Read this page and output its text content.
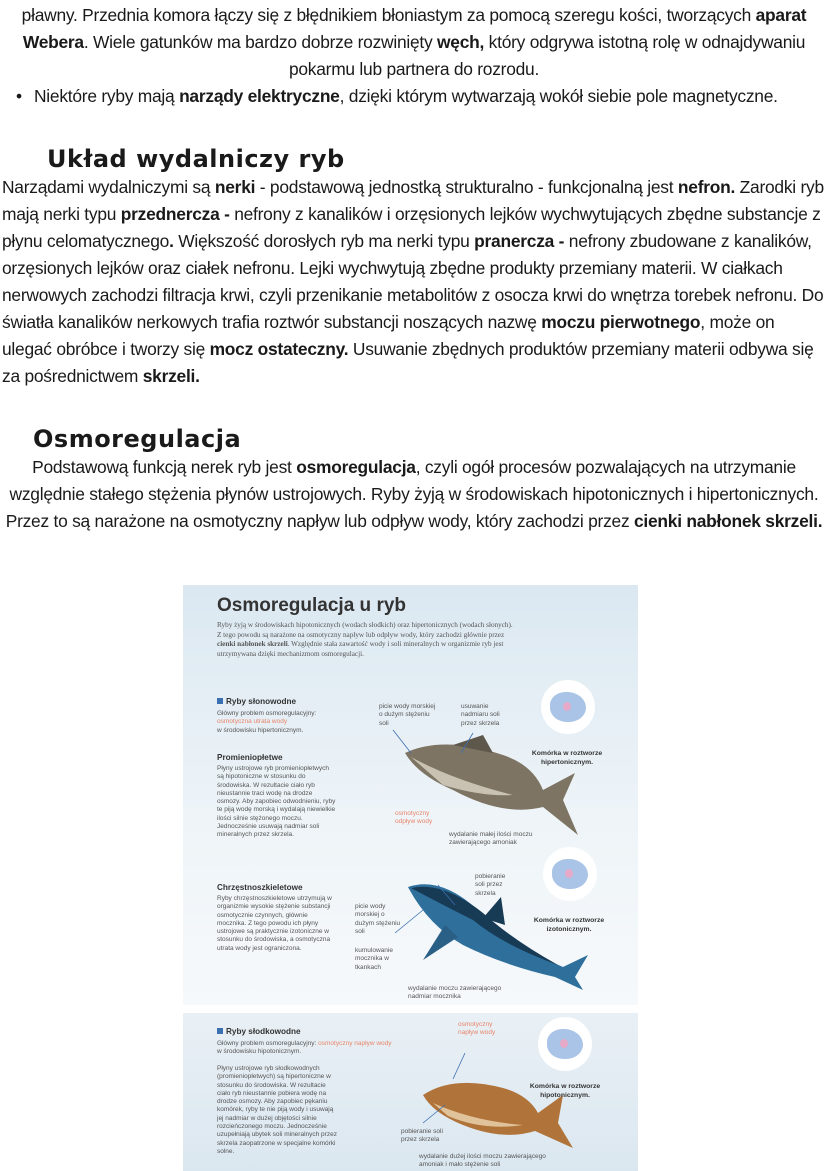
pławny. Przednia komora łączy się z błędnikiem błoniastym za pomocą szeregu kości, tworzących aparat Webera. Wiele gatunków ma bardzo dobrze rozwinięty węch, który odgrywa istotną rolę w odnajdywaniu pokarmu lub partnera do rozrodu.
• Niektóre ryby mają narządy elektryczne, dzięki którym wytwarzają wokół siebie pole magnetyczne.
Układ wydalniczy ryb
Narządami wydalniczymi są nerki - podstawową jednostką strukturalno - funkcjonalną jest nefron. Zarodki ryb mają nerki typu przednercza - nefrony z kanalików i orzęsionych lejków wychwytujących zbędne substancje z płynu celomatycznego. Większość dorosłych ryb ma nerki typu pranercza - nefrony zbudowane z kanalików, orzęsionych lejków oraz ciałek nefronu. Lejki wychwytują zbędne produkty przemiany materii. W ciałkach nerwowych zachodzi filtracja krwi, czyli przenikanie metabolitów z osocza krwi do wnętrza torebek nefronu. Do światła kanalików nerkowych trafia roztwór substancji noszących nazwę moczu pierwotnego, może on ulegać obróbce i tworzy się mocz ostateczny. Usuwanie zbędnych produktów przemiany materii odbywa się za pośrednictwem skrzeli.
Osmoregulacja
Podstawową funkcją nerek ryb jest osmoregulacja, czyli ogół procesów pozwalających na utrzymanie względnie stałego stężenia płynów ustrojowych. Ryby żyją w środowiskach hipotonicznych i hipertonicznych. Przez to są narażone na osmotyczny napływ lub odpływ wody, który zachodzi przez cienki nabłonek skrzeli.
Osmoregulacja u ryb
Ryby żyją w środowiskach hipotonicznych (wodach słodkich) oraz hipertonicznych (wodach słonych). Z tego powodu są narażone na osmotyczny napływ lub odpływ wody, który zachodzi głównie przez cienki nabłonek skrzeli. Względnie stała zawartość wody i soli mineralnych w organizmie ryb jest utrzymywana dzięki mechanizmom osmoregulacji.
Ryby słonowodne
Główny problem osmoregulacyjny:
osmotyczna utrata wody
w środowisku hipertonicznym.
Promieniopłetwe
Płyny ustrojowe ryb promieniopłetwych są hipotoniczne w stosunku do środowiska. W rezultacie ciało ryb nieustannie traci wodę na drodze osmozy. Aby zapobiec odwodnieniu, ryby te piją wodę morską i wydalają niewielkie ilości silnie stężonego moczu. Jednocześnie usuwają nadmiar soli mineralnych przez skrzela.
picie wody morskiej o dużym stężeniu soli
usuwanie nadmiaru soli przez skrzela
osmotyczny odpływ wody
wydalanie małej ilości moczu zawierającego amoniak
Komórka w roztworze hipertonicznym.
Chrzęstnoszkieletowe
Ryby chrzęstnoszkieletowe utrzymują w organizmie wysokie stężenie substancji osmotycznie czynnych, głównie mocznika. Z tego powodu ich płyny ustrojowe są praktycznie izotoniczne w stosunku do środowiska, a osmotyczna utrata wody jest ograniczona.
picie wody morskiej o dużym stężeniu soli
pobieranie soli przez skrzela
kumulowanie mocznika w tkankach
wydalanie moczu zawierającego nadmiar mocznika
Komórka w roztworze izotonicznym.
Ryby słodkowodne
Główny problem osmoregulacyjny: osmotyczny napływ wody w środowisku hipotonicznym.
Płyny ustrojowe ryb słodkowodnych (promieniopłetwych) są hipertoniczne w stosunku do środowiska. W rezultacie ciało ryb nieustannie pobiera wodę na drodze osmozy. Aby zapobiec pękaniu komórek, ryby te nie piją wody i usuwają jej nadmiar w dużej objętości silnie rozcieńczonego moczu. Jednocześnie uzupełniają ubytek soli mineralnych przez skrzela zaopatrzone w specjalne komórki solne.
osmotyczny napływ wody
pobieranie soli przez skrzela
wydalanie dużej ilości moczu zawierającego amoniak i mało stężenie soli
Komórka w roztworze hipotonicznym.
